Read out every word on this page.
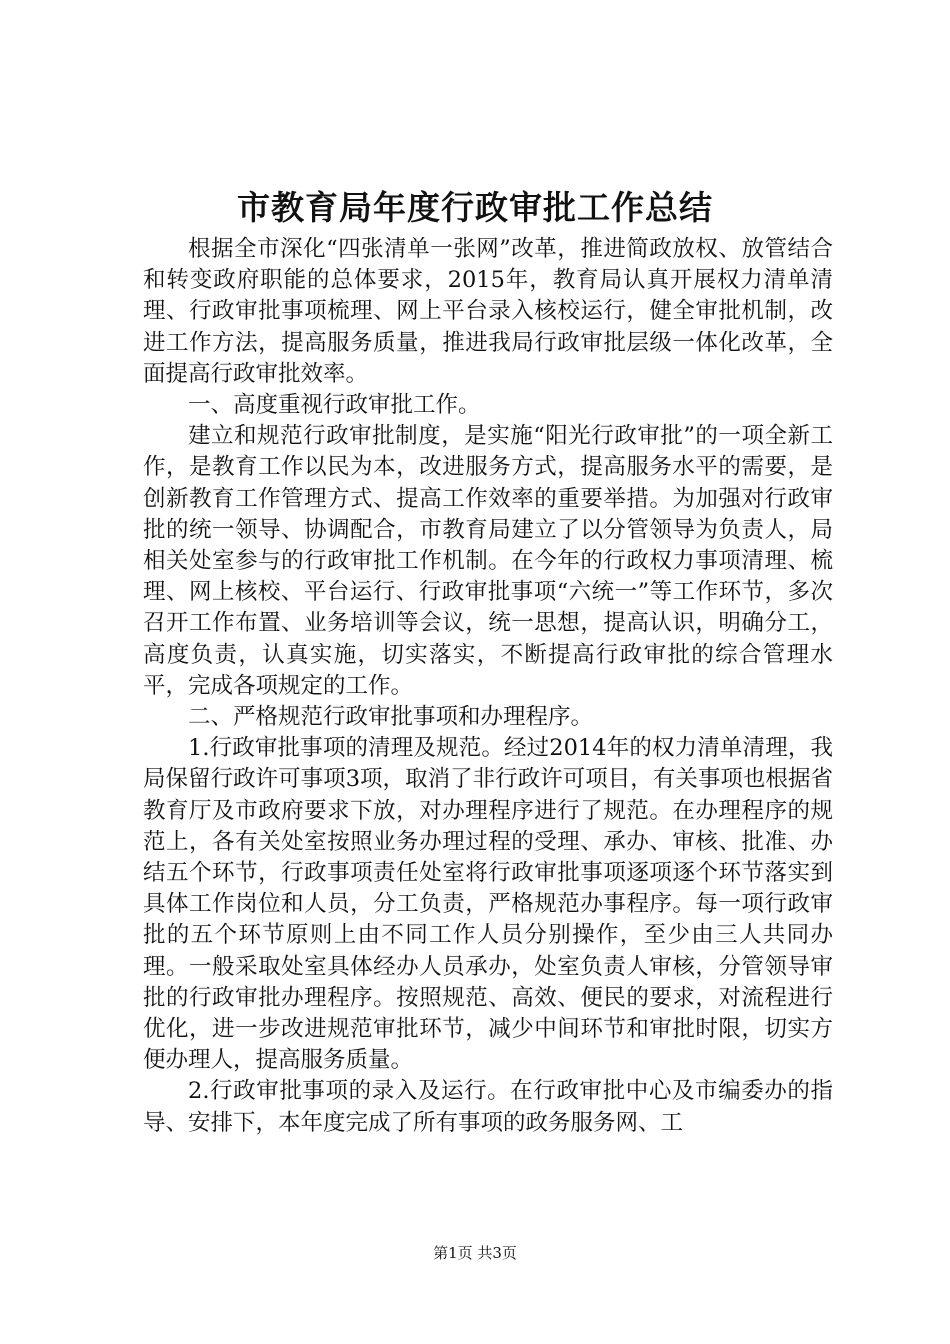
市教育局年度行政审批工作总结

根据全市深化“四张清单一张网”改革，推进简政放权、放管结合和转变政府职能的总体要求，2015年，教育局认真开展权力清单清理、行政审批事项梳理、网上平台录入核校运行，健全审批机制，改进工作方法，提高服务质量，推进我局行政审批层级一体化改革，全面提高行政审批效率。

一、高度重视行政审批工作。

建立和规范行政审批制度，是实施“阳光行政审批”的一项全新工作，是教育工作以民为本，改进服务方式，提高服务水平的需要，是创新教育工作管理方式、提高工作效率的重要举措。为加强对行政审批的统一领导、协调配合，市教育局建立了以分管领导为负责人，局相关处室参与的行政审批工作机制。在今年的行政权力事项清理、梳理、网上核校、平台运行、行政审批事项“六统一”等工作环节，多次召开工作布置、业务培训等会议，统一思想，提高认识，明确分工，高度负责，认真实施，切实落实，不断提高行政审批的综合管理水平，完成各项规定的工作。

二、严格规范行政审批事项和办理程序。

1.行政审批事项的清理及规范。经过2014年的权力清单清理，我局保留行政许可事项3项，取消了非行政许可项目，有关事项也根据省教育厅及市政府要求下放，对办理程序进行了规范。在办理程序的规范上，各有关处室按照业务办理过程的受理、承办、审核、批准、办结五个环节，行政事项责任处室将行政审批事项逐项逐个环节落实到具体工作岗位和人员，分工负责，严格规范办事程序。每一项行政审批的五个环节原则上由不同工作人员分别操作，至少由三人共同办理。一般采取处室具体经办人员承办，处室负责人审核，分管领导审批的行政审批办理程序。按照规范、高效、便民的要求，对流程进行优化，进一步改进规范审批环节，减少中间环节和审批时限，切实方便办理人，提高服务质量。

2.行政审批事项的录入及运行。在行政审批中心及市编委办的指导、安排下，本年度完成了所有事项的政务服务网、工

第1页 共3页
